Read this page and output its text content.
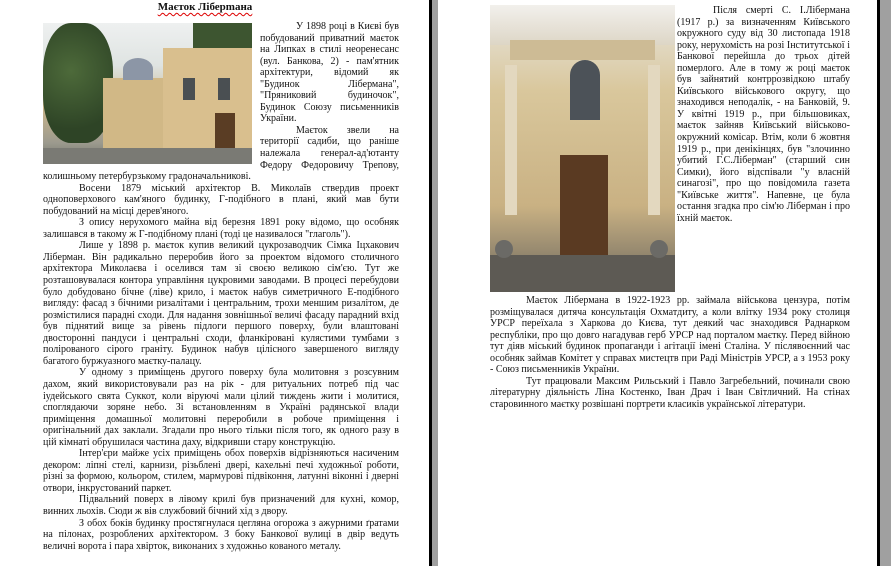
Маєток Ліберmана

У 1898 році в Києві був побудований приватний маєток на Липках в стилі неоренесанс (вул. Банкова, 2) - пам'ятник архітектури, відомий як "Будинок Ліберманa", "Пряниковий будиночок", Будинок Союзу письменників України.

Маєток звели на території садиби, що раніше належала генерал-ад'ютанту Федору Федоровичу Трепову, колишньому петербурзькому градоначальникові.

Восени 1879 міський архітектор В. Миколаїв ствердив проект одноповерхового кам'яного будинку, Г-подібного в плані, який мав бути побудований на місці дерев'яного.

З опису нерухомого майна від березня 1891 року відомо, що особняк залишався в такому ж Г-подібному плані (тоді це називалося "глаголь").

Лише у 1898 р. маєток купив великий цукрозаводчик Сімка Іцхакович Ліберман. Він радикально переробив його за проектом відомого столичного архітектора Миколаєва і оселився там зі своєю великою сім'єю. Тут же розташовувалася контора управління цукровими заводами. В процесі перебудови було добудовано бічне (ліве) крило, і маєток набув симетричного Е-подібного вигляду: фасад з бічними ризалітами і центральним, трохи меншим ризалітом, де розмістилися парадні сходи. Для надання зовнішньої величі фасаду парадний вхід був піднятий вище за рівень підлоги першого поверху, були влаштовані двосторонні пандуси і центральні сходи, фланкіровані кулястими тумбами з полірованого сірого граніту. Будинок набув цілісного завершеного вигляду багатого буржуазного маєтку-палацу.

У одному з приміщень другого поверху була молитовня з розсувним дахом, який використовували раз на рік - для ритуальних потреб під час іудейського свята Суккот, коли віруючі мали цілий тиждень жити і молитися, споглядаючи зоряне небо. Зі встановленням в Україні радянської влади приміщення домашньої молитовні переробили в робоче приміщення і оригінальний дах заклали. Згадали про нього тільки після того, як одного разу в цій кімнаті обрушилася частина даху, відкривши стару конструкцію.

Інтер'єри майже усіх приміщень обох поверхів відрізняються насиченим декором: ліпні стелі, карнизи, різьблені двері, кахельні печі художньої роботи, різні за формою, кольором, стилем, мармурові підвіконня, латунні віконні і дверні отвори, інкрустований паркет.

Підвальний поверх в лівому крилі був призначений для кухні, комор, винних льохів. Сюди ж вів службовий бічний хід з двору.

З обох боків будинку простягнулася цегляна огорожа з ажурними ґратами на пілонах, розроблених архітектором. З боку Банкової вулиці в двір ведуть величні ворота і пара хвірток, виконаних з художньо кованого металу.

Після смерті С. І.Лібермана (1917 р.) за визначенням Київського окружного суду від 30 листопада 1918 року, нерухомість на розі Інститутської і Банкової перейшла до трьох дітей померлого. Але в тому ж році маєток був зайнятий контррозвідкою штабу Київського військового округу, що знаходився неподалік, - на Банковій, 9. У квітні 1919 р., при більшовиках, маєток зайняв Київський військово-окружний комісар. Втім, коли 6 жовтня 1919 р., при денікінцях, був "злочинно убитий Г.С.Ліберман" (старший син Симки), його відспівали "у власній синагозі", про що повідомила газета "Київське життя". Напевне, це була остання згадка про сім'ю Ліберман і про їхній маєток.

Маєток Лібермана в 1922-1923 рр. займала військова цензура, потім розміщувалася дитяча консультація Охматдиту, а коли влітку 1934 року столиця УРСР переїхала з Харкова до Києва, тут деякий час знаходився Раднарком республіки, про що довго нагадував герб УРСР над порталом маєтку. Перед війною тут діяв міський будинок пропаганди і агітації імені Сталіна. У післявоєнний час особняк займав Комітет у справах мистецтв при Раді Міністрів УРСР, а з 1953 року - Союз письменників України.

Тут працювали Максим Рильський і Павло Загребельний, починали свою літературну діяльність Ліна Костенко, Іван Драч і Іван Світличний. На стінах старовинного маєтку розвішані портрети класиків української літератури.
